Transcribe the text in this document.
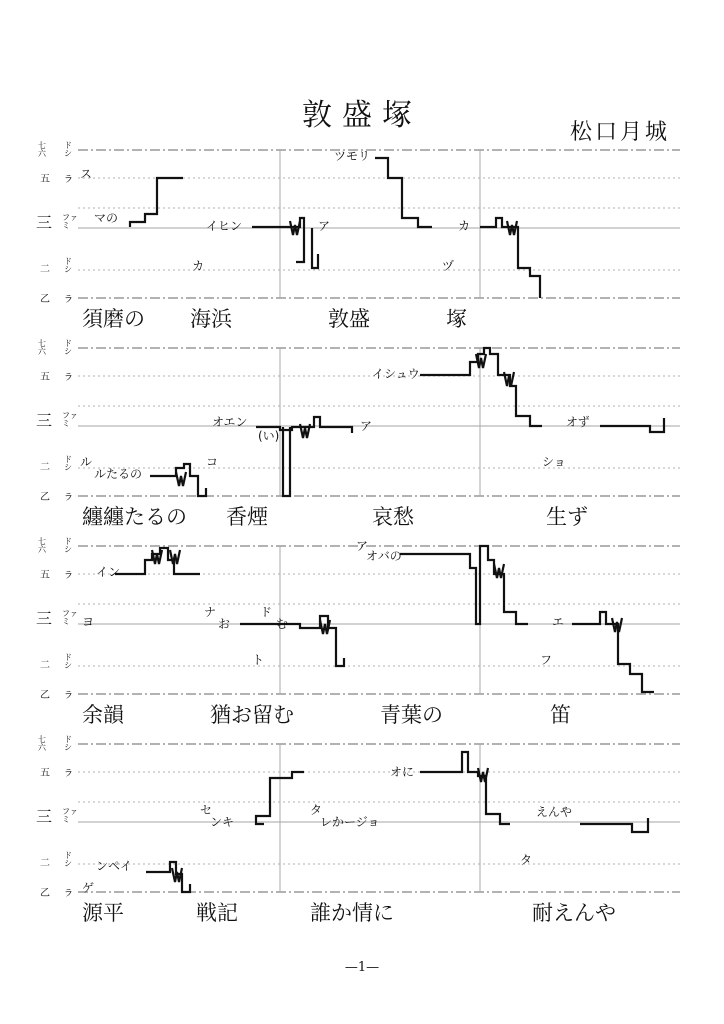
敦盛塚	松口月城
七六
ドシ
五 ラ
三 ファミ
二
ドシ
乙 ラ
ス
マの
カ
イヒン	ア
ツモリ
ヅ
カ
須磨の 海浜	敦盛	塚
七六
ドシ
五 ラ
三 ファミ
二
ドシ
乙 ラ
ル
ルたるの
コ
オエン
(い)
ア
イシュウ
ショ
オず
纏纏たるの 香煙	哀愁	生ず
七六
ドシ
五 ラ
三 ファミ
二
ドシ
乙 ラ
イン
ヨ
ナ
お
ド
む
ト
ア
オバの
エ
フ
余韻	猶お留む	青葉の	笛
七六
ドシ
五 ラ
三 ファミ
二
ドシ
乙 ラ
ンペイ
ゲ
セ
ンキ
タ
レかージョ
オに
えんや
タ
源平	戦記	誰か情に	耐えんや
—1—
